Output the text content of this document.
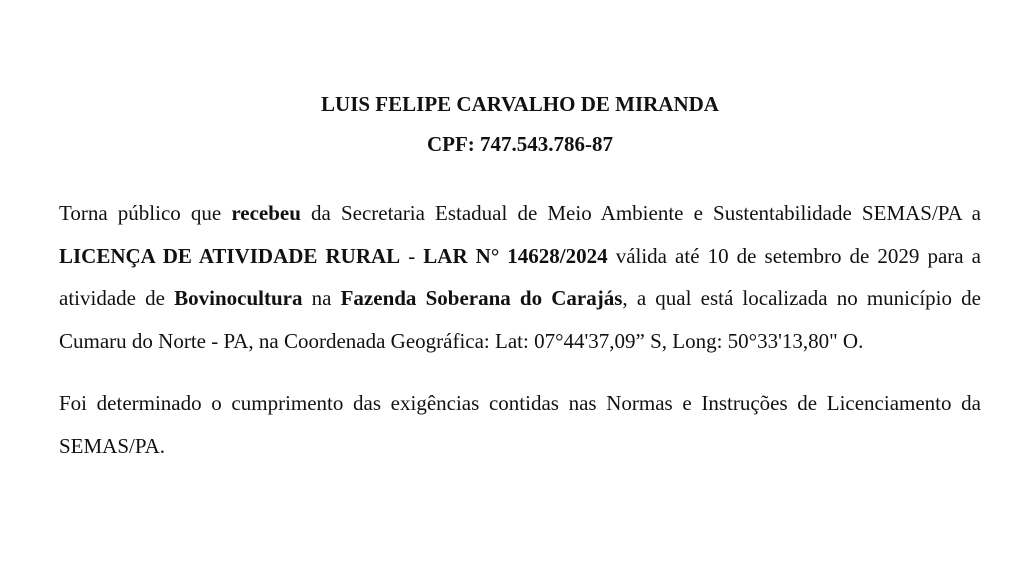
LUIS FELIPE CARVALHO DE MIRANDA

CPF: 747.543.786-87

Torna público que recebeu da Secretaria Estadual de Meio Ambiente e Sustentabilidade SEMAS/PA a LICENÇA DE ATIVIDADE RURAL - LAR N° 14628/2024 válida até 10 de setembro de 2029 para a atividade de Bovinocultura na Fazenda Soberana do Carajás, a qual está localizada no município de Cumaru do Norte - PA, na Coordenada Geográfica: Lat: 07°44'37,09” S, Long: 50°33'13,80" O.

Foi determinado o cumprimento das exigências contidas nas Normas e Instruções de Licenciamento da SEMAS/PA.
